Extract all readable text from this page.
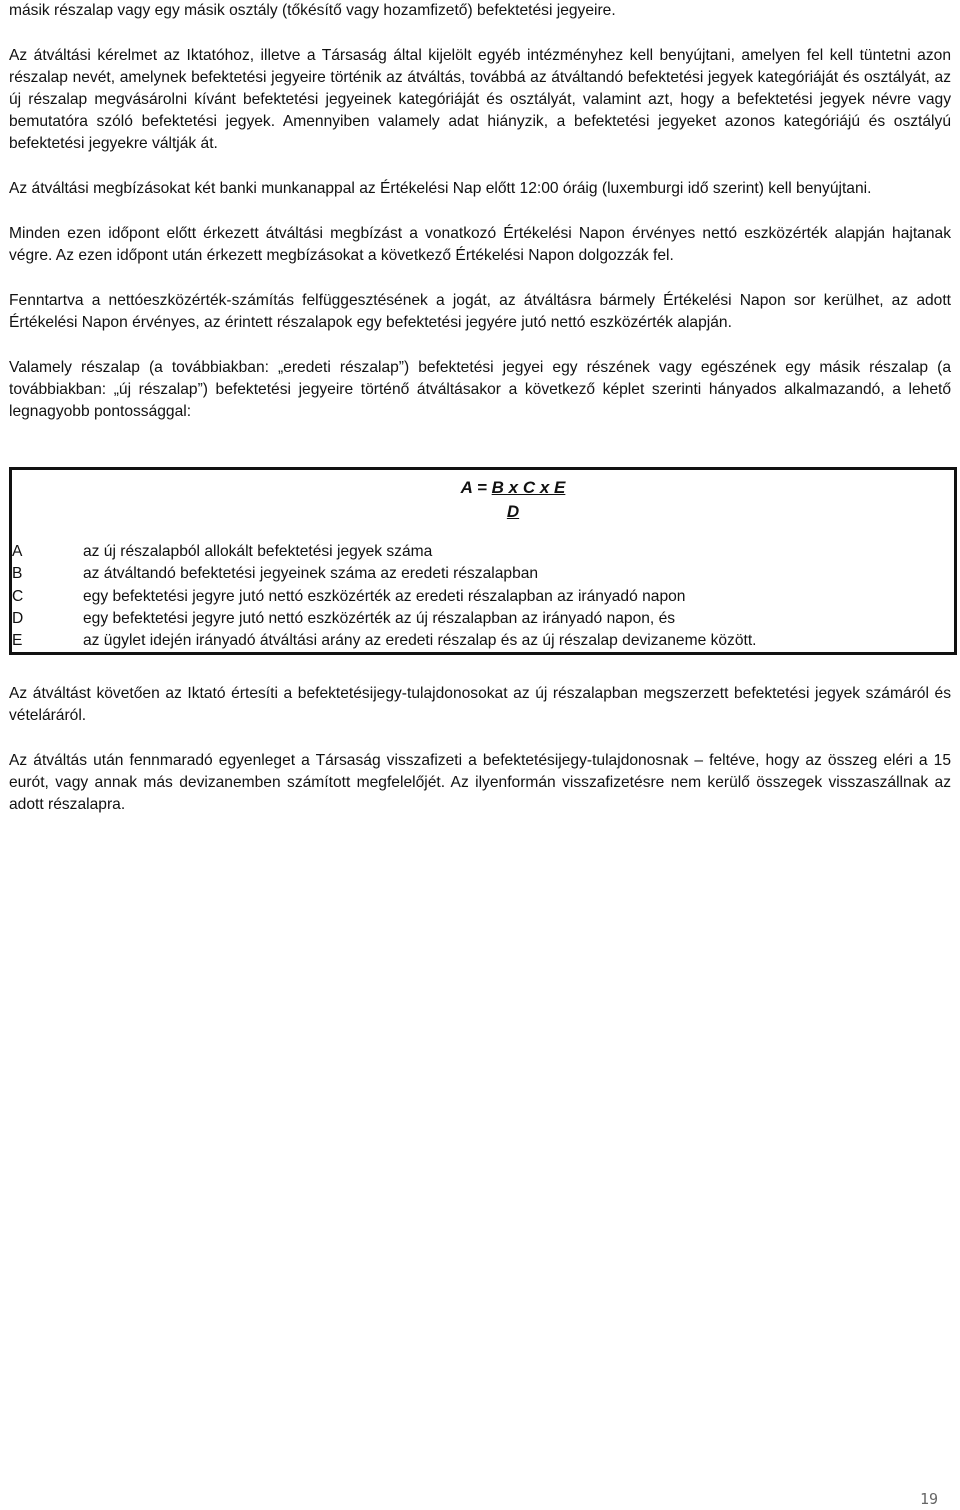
másik részalap vagy egy másik osztály (tőkésítő vagy hozamfizető) befektetési jegyeire.

Az átváltási kérelmet az Iktatóhoz, illetve a Társaság által kijelölt egyéb intézményhez kell benyújtani, amelyen fel kell tüntetni azon részalap nevét, amelynek befektetési jegyeire történik az átváltás, továbbá az átváltandó befektetési jegyek kategóriáját és osztályát, az új részalap megvásárolni kívánt befektetési jegyeinek kategóriáját és osztályát, valamint azt, hogy a befektetési jegyek névre vagy bemutatóra szóló befektetési jegyek. Amennyiben valamely adat hiányzik, a befektetési jegyeket azonos kategóriájú és osztályú befektetési jegyekre váltják át.

Az átváltási megbízásokat két banki munkanappal az Értékelési Nap előtt 12:00 óráig (luxemburgi idő szerint) kell benyújtani.

Minden ezen időpont előtt érkezett átváltási megbízást a vonatkozó Értékelési Napon érvényes nettó eszközérték alapján hajtanak végre. Az ezen időpont után érkezett megbízásokat a következő Értékelési Napon dolgozzák fel.

Fenntartva a nettóeszközérték-számítás felfüggesztésének a jogát, az átváltásra bármely Értékelési Napon sor kerülhet, az adott Értékelési Napon érvényes, az érintett részalapok egy befektetési jegyére jutó nettó eszközérték alapján.

Valamely részalap (a továbbiakban: „eredeti részalap”) befektetési jegyei egy részének vagy egészének egy másik részalap (a továbbiakban: „új részalap”) befektetési jegyeire történő átváltásakor a következő képlet szerinti hányados alkalmazandó, a lehető legnagyobb pontossággal:

A = B x C x E
D
A	az új részalapból allokált befektetési jegyek száma
B	az átváltandó befektetési jegyeinek száma az eredeti részalapban
C	egy befektetési jegyre jutó nettó eszközérték az eredeti részalapban az irányadó napon
D	egy befektetési jegyre jutó nettó eszközérték az új részalapban az irányadó napon, és
E	az ügylet idején irányadó átváltási arány az eredeti részalap és az új részalap devizaneme között.

Az átváltást követően az Iktató értesíti a befektetésijegy-tulajdonosokat az új részalapban megszerzett befektetési jegyek számáról és vételáráról.

Az átváltás után fennmaradó egyenleget a Társaság visszafizeti a befektetésijegy-tulajdonosnak – feltéve, hogy az összeg eléri a 15 eurót, vagy annak más devizanemben számított megfelelőjét. Az ilyenformán visszafizetésre nem kerülő összegek visszaszállnak az adott részalapra.

19
